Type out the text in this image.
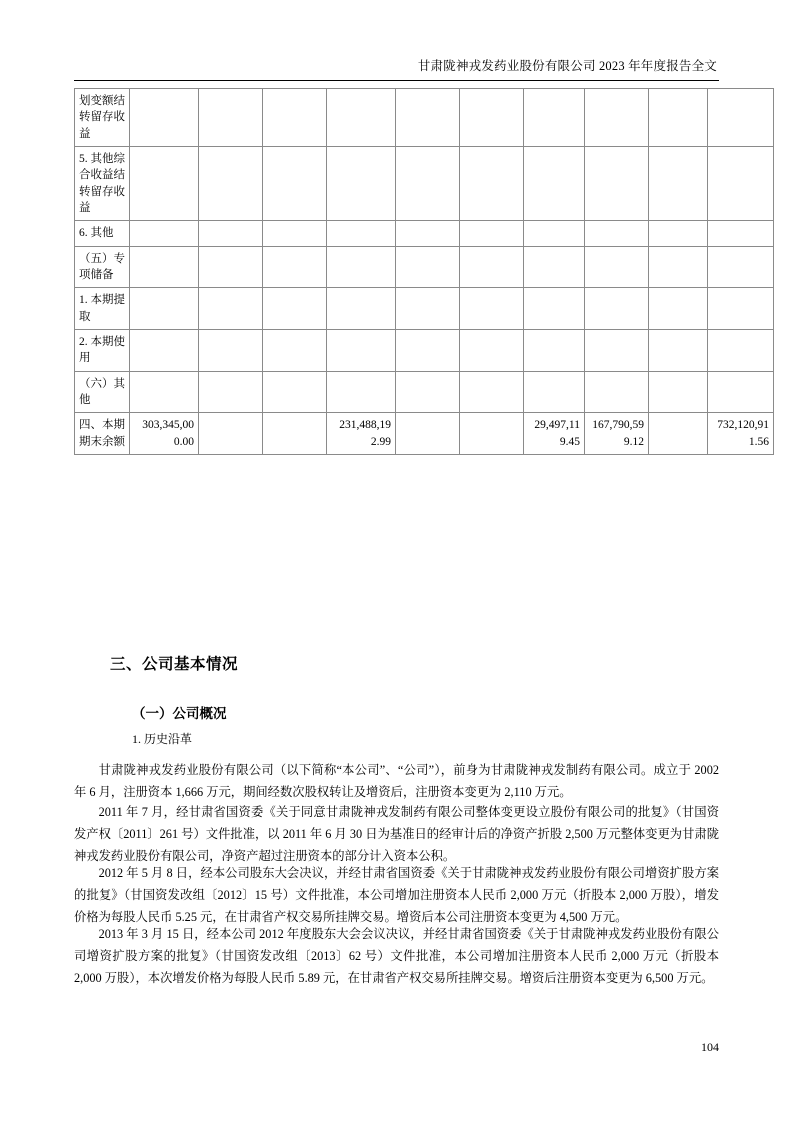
甘肃陇神戎发药业股份有限公司 2023 年年度报告全文
划变额结转留存收益										
5. 其他综合收益结转留存收益										
6. 其他										
（五）专项储备										
1. 本期提取										
2. 本期使用										
（六）其他										
四、本期期末余额	303,345,000.00			231,488,192.99			29,497,119.45	167,790,599.12		732,120,911.56
三、公司基本情况
（一）公司概况
1. 历史沿革

甘肃陇神戎发药业股份有限公司（以下简称“本公司”、“公司”），前身为甘肃陇神戎发制药有限公司。成立于 2002 年 6 月，注册资本 1,666 万元，期间经数次股权转让及增资后，注册资本变更为 2,110 万元。

2011 年 7 月，经甘肃省国资委《关于同意甘肃陇神戎发制药有限公司整体变更设立股份有限公司的批复》（甘国资发产权〔2011〕261 号）文件批准，以 2011 年 6 月 30 日为基准日的经审计后的净资产折股 2,500 万元整体变更为甘肃陇神戎发药业股份有限公司，净资产超过注册资本的部分计入资本公积。

2012 年 5 月 8 日，经本公司股东大会决议，并经甘肃省国资委《关于甘肃陇神戎发药业股份有限公司增资扩股方案的批复》（甘国资发改组〔2012〕15 号）文件批准，本公司增加注册资本人民币 2,000 万元（折股本 2,000 万股），增发价格为每股人民币 5.25 元，在甘肃省产权交易所挂牌交易。增资后本公司注册资本变更为 4,500 万元。

2013 年 3 月 15 日，经本公司 2012 年度股东大会会议决议，并经甘肃省国资委《关于甘肃陇神戎发药业股份有限公司增资扩股方案的批复》（甘国资发改组〔2013〕62 号）文件批准，本公司增加注册资本人民币 2,000 万元（折股本 2,000 万股），本次增发价格为每股人民币 5.89 元，在甘肃省产权交易所挂牌交易。增资后注册资本变更为 6,500 万元。

104
